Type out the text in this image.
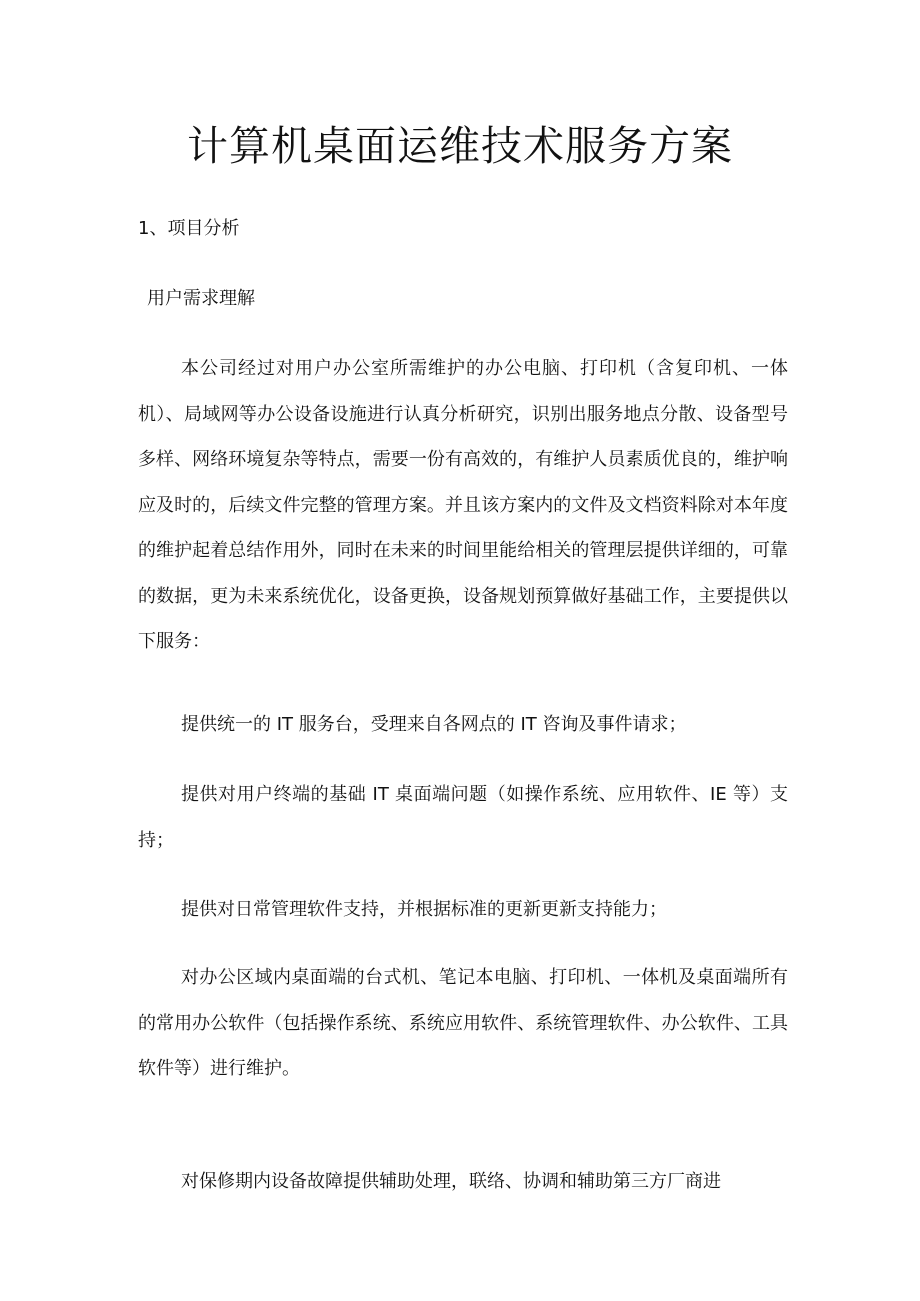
计算机桌面运维技术服务方案
1、项目分析
用户需求理解

本公司经过对用户办公室所需维护的办公电脑、打印机（含复印机、一体机）、局域网等办公设备设施进行认真分析研究，识别出服务地点分散、设备型号多样、网络环境复杂等特点，需要一份有高效的，有维护人员素质优良的，维护响应及时的，后续文件完整的管理方案。并且该方案内的文件及文档资料除对本年度的维护起着总结作用外，同时在未来的时间里能给相关的管理层提供详细的，可靠的数据，更为未来系统优化，设备更换，设备规划预算做好基础工作，主要提供以下服务：

提供统一的 IT 服务台，受理来自各网点的 IT 咨询及事件请求；

提供对用户终端的基础 IT 桌面端问题（如操作系统、应用软件、IE 等）支持；

提供对日常管理软件支持，并根据标准的更新更新支持能力；

对办公区域内桌面端的台式机、笔记本电脑、打印机、一体机及桌面端所有的常用办公软件（包括操作系统、系统应用软件、系统管理软件、办公软件、工具软件等）进行维护。

对保修期内设备故障提供辅助处理，联络、协调和辅助第三方厂商进
